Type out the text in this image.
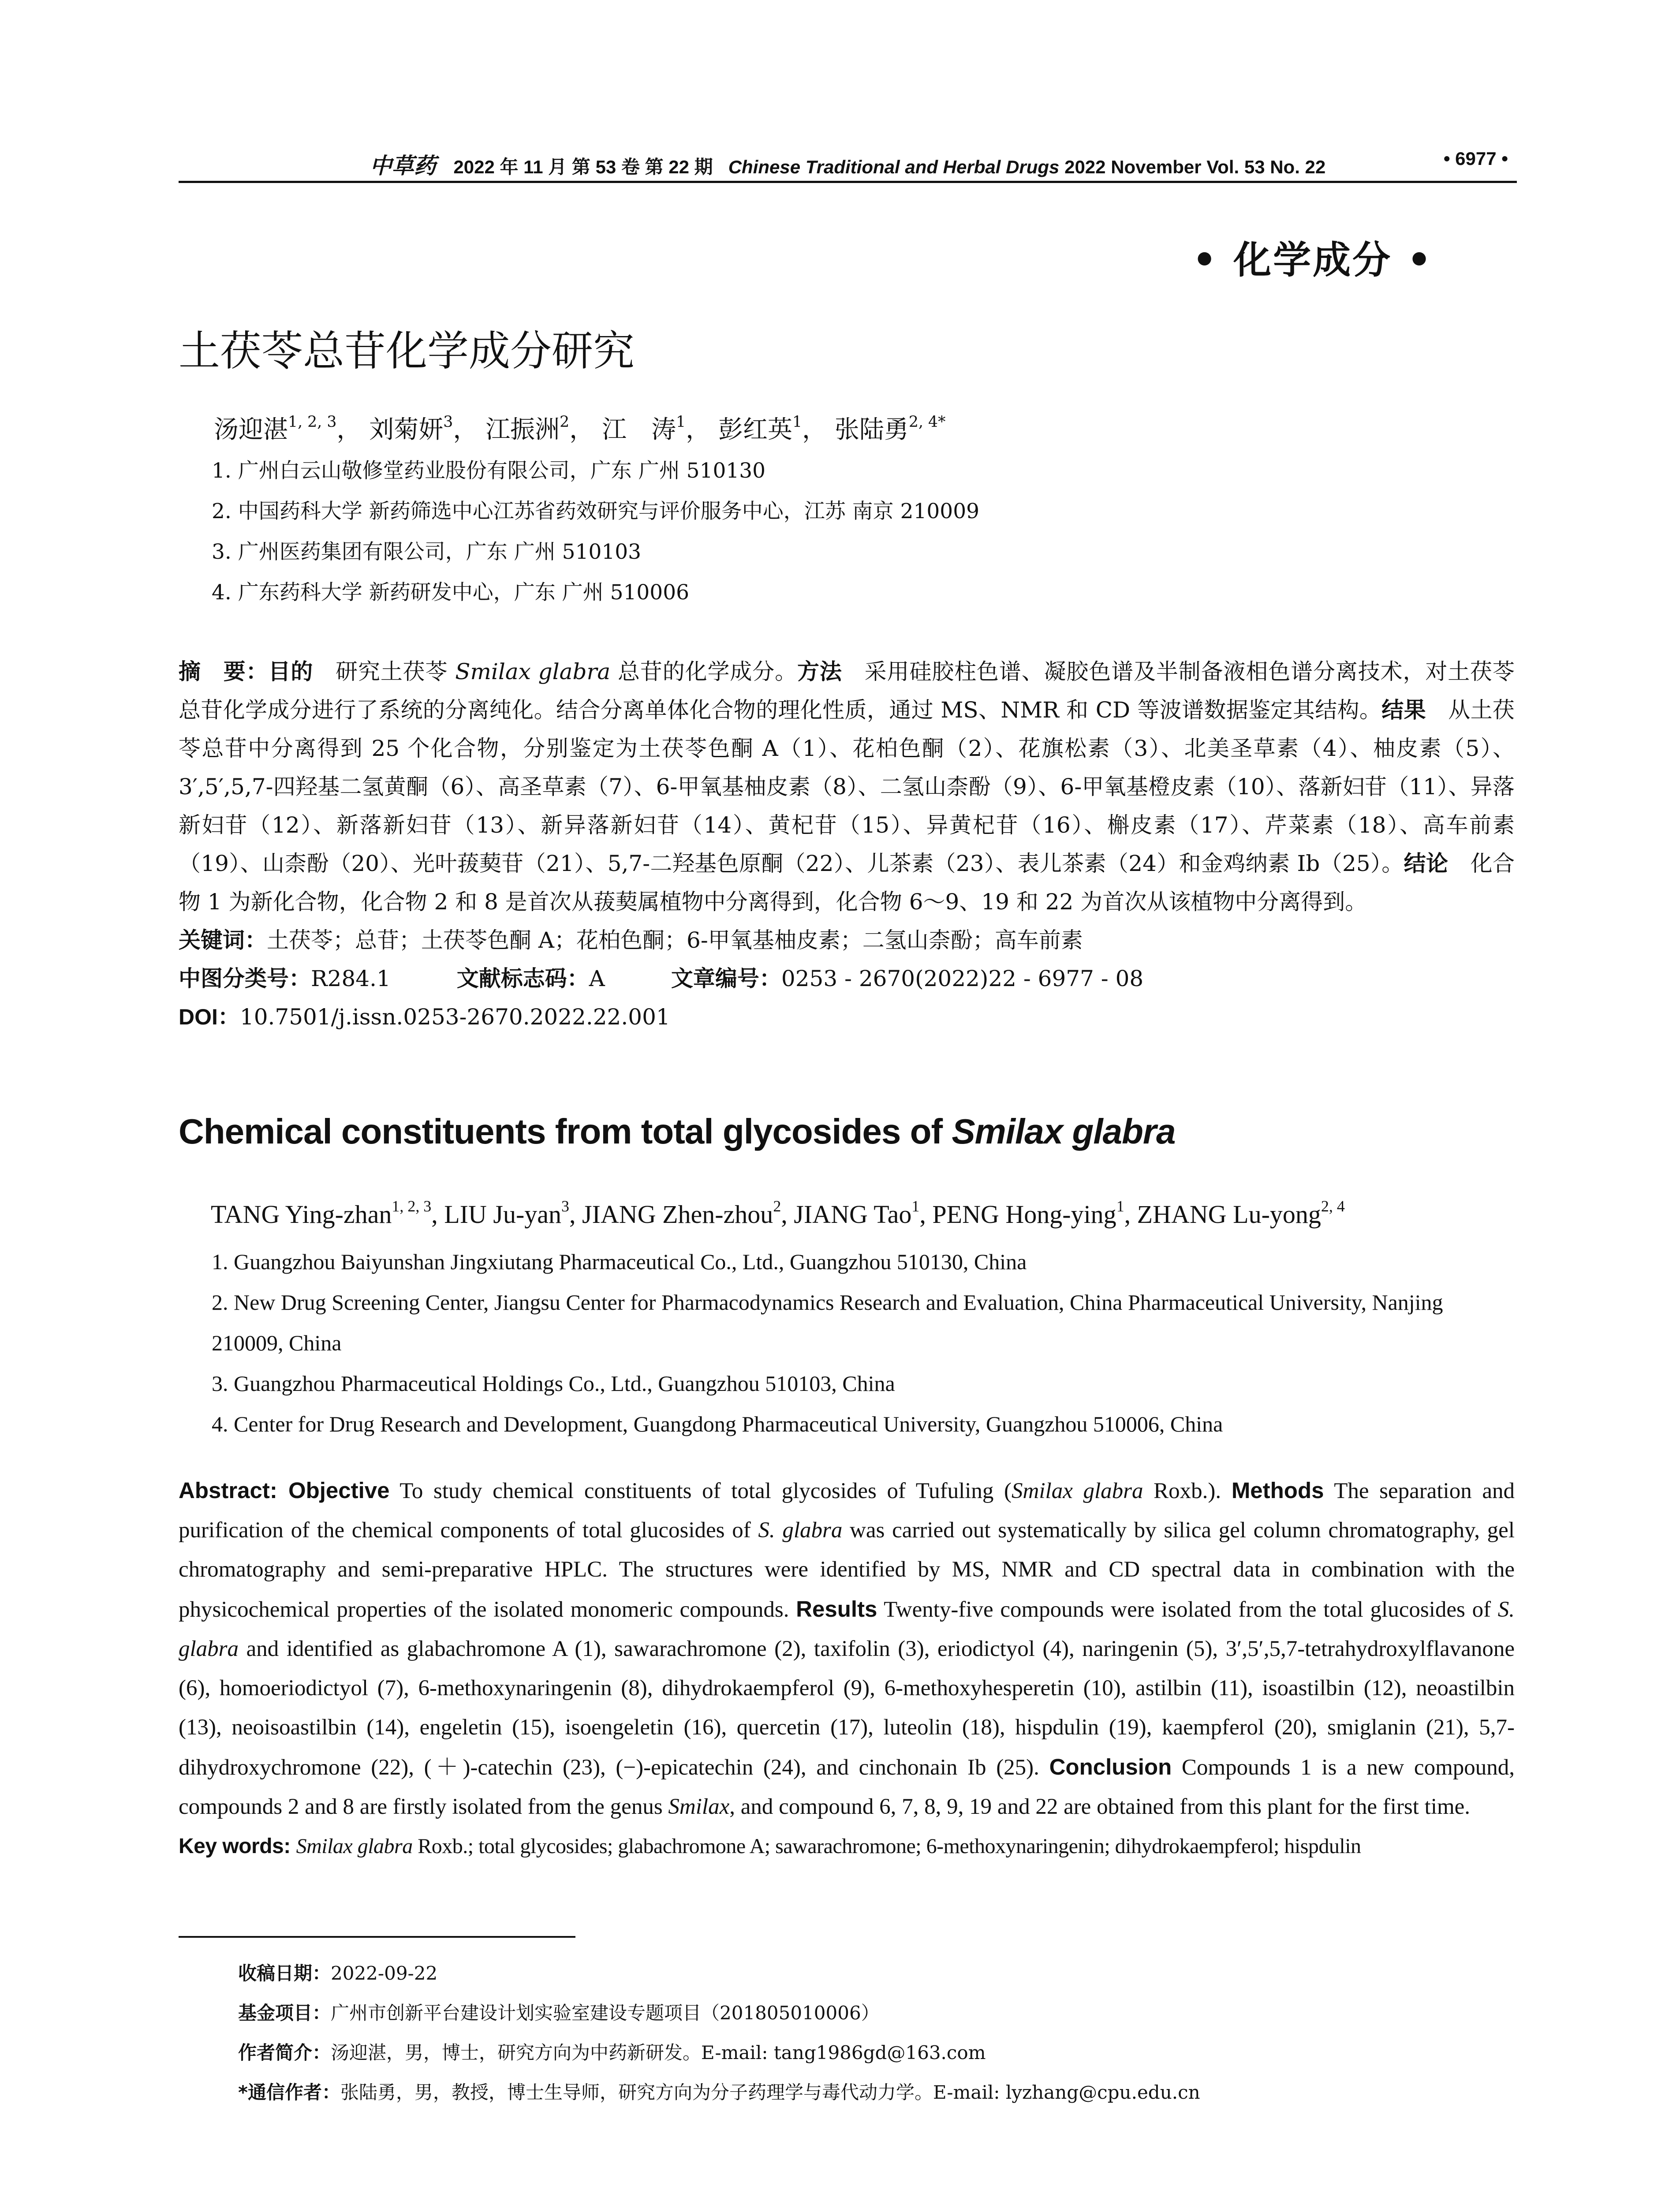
中草药 2022 年 11 月 第 53 卷 第 22 期 Chinese Traditional and Herbal Drugs 2022 November Vol. 53 No. 22	• 6977 •
• 化学成分 •
土茯苓总苷化学成分研究
汤迎湛$^{1, 2, 3}$， 刘菊妍$^3$， 江振洲$^2$， 江　涛$^1$， 彭红英$^1$， 张陆勇$^{2, 4*}$
1. 广州白云山敬修堂药业股份有限公司，广东 广州 510130
2. 中国药科大学 新药筛选中心江苏省药效研究与评价服务中心，江苏 南京 210009
3. 广州医药集团有限公司，广东 广州 510103
4. 广东药科大学 新药研发中心，广东 广州 510006
摘　要：目的　研究土茯苓 Smilax glabra 总苷的化学成分。方法　采用硅胶柱色谱、凝胶色谱及半制备液相色谱分离技术，对土茯苓总苷化学成分进行了系统的分离纯化。结合分离单体化合物的理化性质，通过 MS、NMR 和 CD 等波谱数据鉴定其结构。结果　从土茯苓总苷中分离得到 25 个化合物，分别鉴定为土茯苓色酮 A（1）、花柏色酮（2）、花旗松素（3）、北美圣草素（4）、柚皮素（5）、3′,5′,5,7-四羟基二氢黄酮（6）、高圣草素（7）、6-甲氧基柚皮素（8）、二氢山柰酚（9）、6-甲氧基橙皮素（10）、落新妇苷（11）、异落新妇苷（12）、新落新妇苷（13）、新异落新妇苷（14）、黄杞苷（15）、异黄杞苷（16）、槲皮素（17）、芹菜素（18）、高车前素（19）、山柰酚（20）、光叶菝葜苷（21）、5,7-二羟基色原酮（22）、儿茶素（23）、表儿茶素（24）和金鸡纳素 Ib（25）。结论　化合物 1 为新化合物，化合物 2 和 8 是首次从菝葜属植物中分离得到，化合物 6～9、19 和 22 为首次从该植物中分离得到。
关键词：土茯苓；总苷；土茯苓色酮 A；花柏色酮；6-甲氧基柚皮素；二氢山柰酚；高车前素
中图分类号：R284.1	文献标志码：A	文章编号：0253 - 2670(2022)22 - 6977 - 08
DOI：10.7501/j.issn.0253-2670.2022.22.001
Chemical constituents from total glycosides of Smilax glabra
TANG Ying-zhan$^{1, 2, 3}$, LIU Ju-yan$^3$, JIANG Zhen-zhou$^2$, JIANG Tao$^1$, PENG Hong-ying$^1$, ZHANG Lu-yong$^{2, 4}$
1. Guangzhou Baiyunshan Jingxiutang Pharmaceutical Co., Ltd., Guangzhou 510130, China
2. New Drug Screening Center, Jiangsu Center for Pharmacodynamics Research and Evaluation, China Pharmaceutical University, Nanjing 210009, China
3. Guangzhou Pharmaceutical Holdings Co., Ltd., Guangzhou 510103, China
4. Center for Drug Research and Development, Guangdong Pharmaceutical University, Guangzhou 510006, China
Abstract: Objective To study chemical constituents of total glycosides of Tufuling (Smilax glabra Roxb.). Methods The separation and purification of the chemical components of total glucosides of S. glabra was carried out systematically by silica gel column chromatography, gel chromatography and semi-preparative HPLC. The structures were identified by MS, NMR and CD spectral data in combination with the physicochemical properties of the isolated monomeric compounds. Results Twenty-five compounds were isolated from the total glucosides of S. glabra and identified as glabachromone A (1), sawarachromone (2), taxifolin (3), eriodictyol (4), naringenin (5), 3′,5′,5,7-tetrahydroxylflavanone (6), homoeriodictyol (7), 6-methoxynaringenin (8), dihydrokaempferol (9), 6-methoxyhesperetin (10), astilbin (11), isoastilbin (12), neoastilbin (13), neoisoastilbin (14), engeletin (15), isoengeletin (16), quercetin (17), luteolin (18), hispdulin (19), kaempferol (20), smiglanin (21), 5,7-dihydroxychromone (22), (＋)-catechin (23), (−)-epicatechin (24), and cinchonain Ib (25). Conclusion Compounds 1 is a new compound, compounds 2 and 8 are firstly isolated from the genus Smilax, and compound 6, 7, 8, 9, 19 and 22 are obtained from this plant for the first time.
Key words: Smilax glabra Roxb.; total glycosides; glabachromone A; sawarachromone; 6-methoxynaringenin; dihydrokaempferol; hispdulin
收稿日期：2022-09-22
基金项目：广州市创新平台建设计划实验室建设专题项目（201805010006）
作者简介：汤迎湛，男，博士，研究方向为中药新研发。E-mail: tang1986gd@163.com
*通信作者：张陆勇，男，教授，博士生导师，研究方向为分子药理学与毒代动力学。E-mail: lyzhang@cpu.edu.cn
